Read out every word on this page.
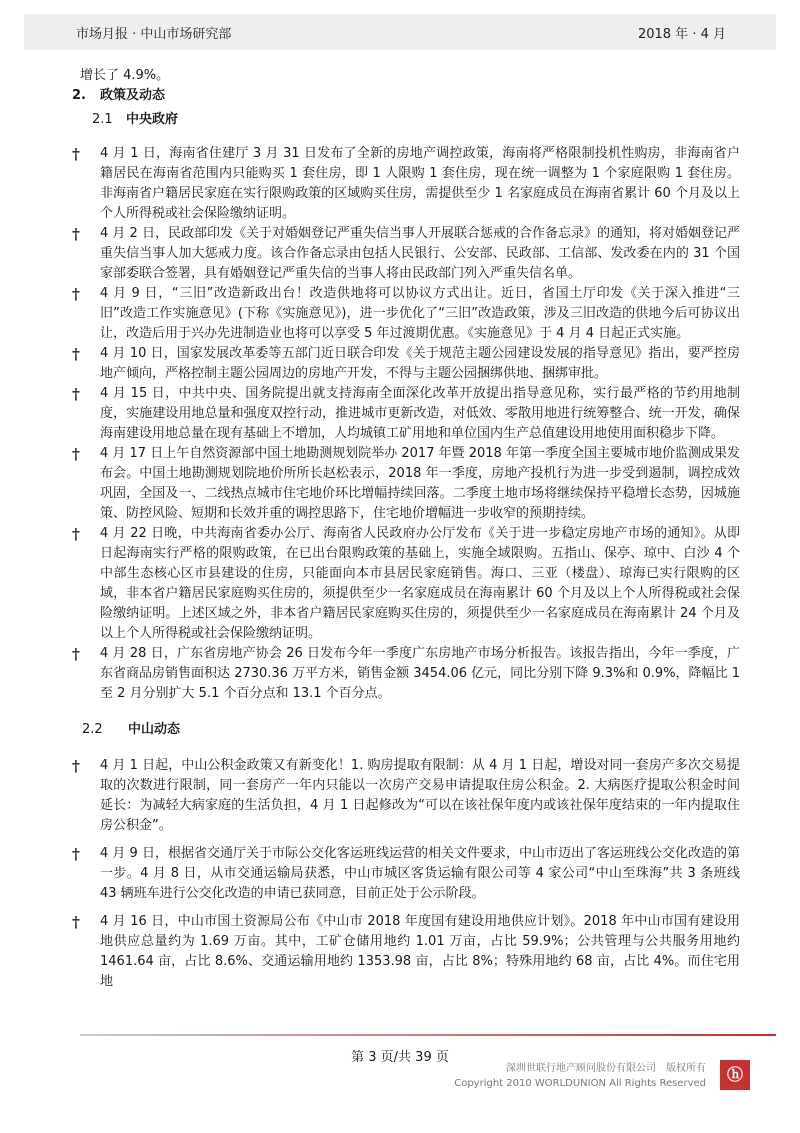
市场月报 · 中山市场研究部	2018 年 · 4 月
增长了 4.9%。
2. 政策及动态
2.1 中央政府
† 4 月 1 日，海南省住建厅 3 月 31 日发布了全新的房地产调控政策，海南将严格限制投机性购房，非海南省户籍居民在海南省范围内只能购买 1 套住房，即 1 人限购 1 套住房，现在统一调整为 1 个家庭限购 1 套住房。非海南省户籍居民家庭在实行限购政策的区域购买住房，需提供至少 1 名家庭成员在海南省累计 60 个月及以上个人所得税或社会保险缴纳证明。
† 4 月 2 日，民政部印发《关于对婚姻登记严重失信当事人开展联合惩戒的合作备忘录》的通知，将对婚姻登记严重失信当事人加大惩戒力度。该合作备忘录由包括人民银行、公安部、民政部、工信部、发改委在内的 31 个国家部委联合签署，具有婚姻登记严重失信的当事人将由民政部门列入严重失信名单。
† 4 月 9 日，“三旧”改造新政出台！改造供地将可以协议方式出让。近日，省国土厅印发《关于深入推进“三旧”改造工作实施意见》(下称《实施意见》)，进一步优化了“三旧”改造政策，涉及三旧改造的供地今后可协议出让，改造后用于兴办先进制造业也将可以享受 5 年过渡期优惠。《实施意见》于 4 月 4 日起正式实施。
† 4 月 10 日，国家发展改革委等五部门近日联合印发《关于规范主题公园建设发展的指导意见》指出，要严控房地产倾向，严格控制主题公园周边的房地产开发，不得与主题公园捆绑供地、捆绑审批。
† 4 月 15 日，中共中央、国务院提出就支持海南全面深化改革开放提出指导意见称，实行最严格的节约用地制度，实施建设用地总量和强度双控行动，推进城市更新改造，对低效、零散用地进行统筹整合、统一开发，确保海南建设用地总量在现有基础上不增加，人均城镇工矿用地和单位国内生产总值建设用地使用面积稳步下降。
† 4 月 17 日上午自然资源部中国土地勘测规划院举办 2017 年暨 2018 年第一季度全国主要城市地价监测成果发布会。中国土地勘测规划院地价所所长赵松表示，2018 年一季度，房地产投机行为进一步受到遏制，调控成效巩固，全国及一、二线热点城市住宅地价环比增幅持续回落。二季度土地市场将继续保持平稳增长态势，因城施策、防控风险、短期和长效并重的调控思路下，住宅地价增幅进一步收窄的预期持续。
† 4 月 22 日晚，中共海南省委办公厅、海南省人民政府办公厅发布《关于进一步稳定房地产市场的通知》。从即日起海南实行严格的限购政策，在已出台限购政策的基础上，实施全域限购。五指山、保亭、琼中、白沙 4 个中部生态核心区市县建设的住房，只能面向本市县居民家庭销售。海口、三亚（楼盘）、琼海已实行限购的区域，非本省户籍居民家庭购买住房的，须提供至少一名家庭成员在海南累计 60 个月及以上个人所得税或社会保险缴纳证明。上述区域之外，非本省户籍居民家庭购买住房的，须提供至少一名家庭成员在海南累计 24 个月及以上个人所得税或社会保险缴纳证明。
† 4 月 28 日，广东省房地产协会 26 日发布今年一季度广东房地产市场分析报告。该报告指出，今年一季度，广东省商品房销售面积达 2730.36 万平方米，销售金额 3454.06 亿元，同比分别下降 9.3%和 0.9%，降幅比 1 至 2 月分别扩大 5.1 个百分点和 13.1 个百分点。
2.2 中山动态
† 4 月 1 日起，中山公积金政策又有新变化！1. 购房提取有限制：从 4 月 1 日起，增设对同一套房产多次交易提取的次数进行限制，同一套房产一年内只能以一次房产交易申请提取住房公积金。2. 大病医疗提取公积金时间延长：为减轻大病家庭的生活负担，4 月 1 日起修改为“可以在该社保年度内或该社保年度结束的一年内提取住房公积金”。
† 4 月 9 日，根据省交通厅关于市际公交化客运班线运营的相关文件要求，中山市迈出了客运班线公交化改造的第一步。4 月 8 日，从市交通运输局获悉，中山市城区客货运输有限公司等 4 家公司“中山至珠海”共 3 条班线 43 辆班车进行公交化改造的申请已获同意，目前正处于公示阶段。
† 4 月 16 日，中山市国土资源局公布《中山市 2018 年度国有建设用地供应计划》。2018 年中山市国有建设用地供应总量约为 1.69 万亩。其中，工矿仓储用地约 1.01 万亩，占比 59.9%；公共管理与公共服务用地约 1461.64 亩，占比 8.6%、交通运输用地约 1353.98 亩，占比 8%；特殊用地约 68 亩，占比 4%。而住宅用地
第 3 页/共 39 页
深圳世联行地产顾问股份有限公司　版权所有
Copyright 2010 WORLDUNION All Rights Reserved	ⓗ
